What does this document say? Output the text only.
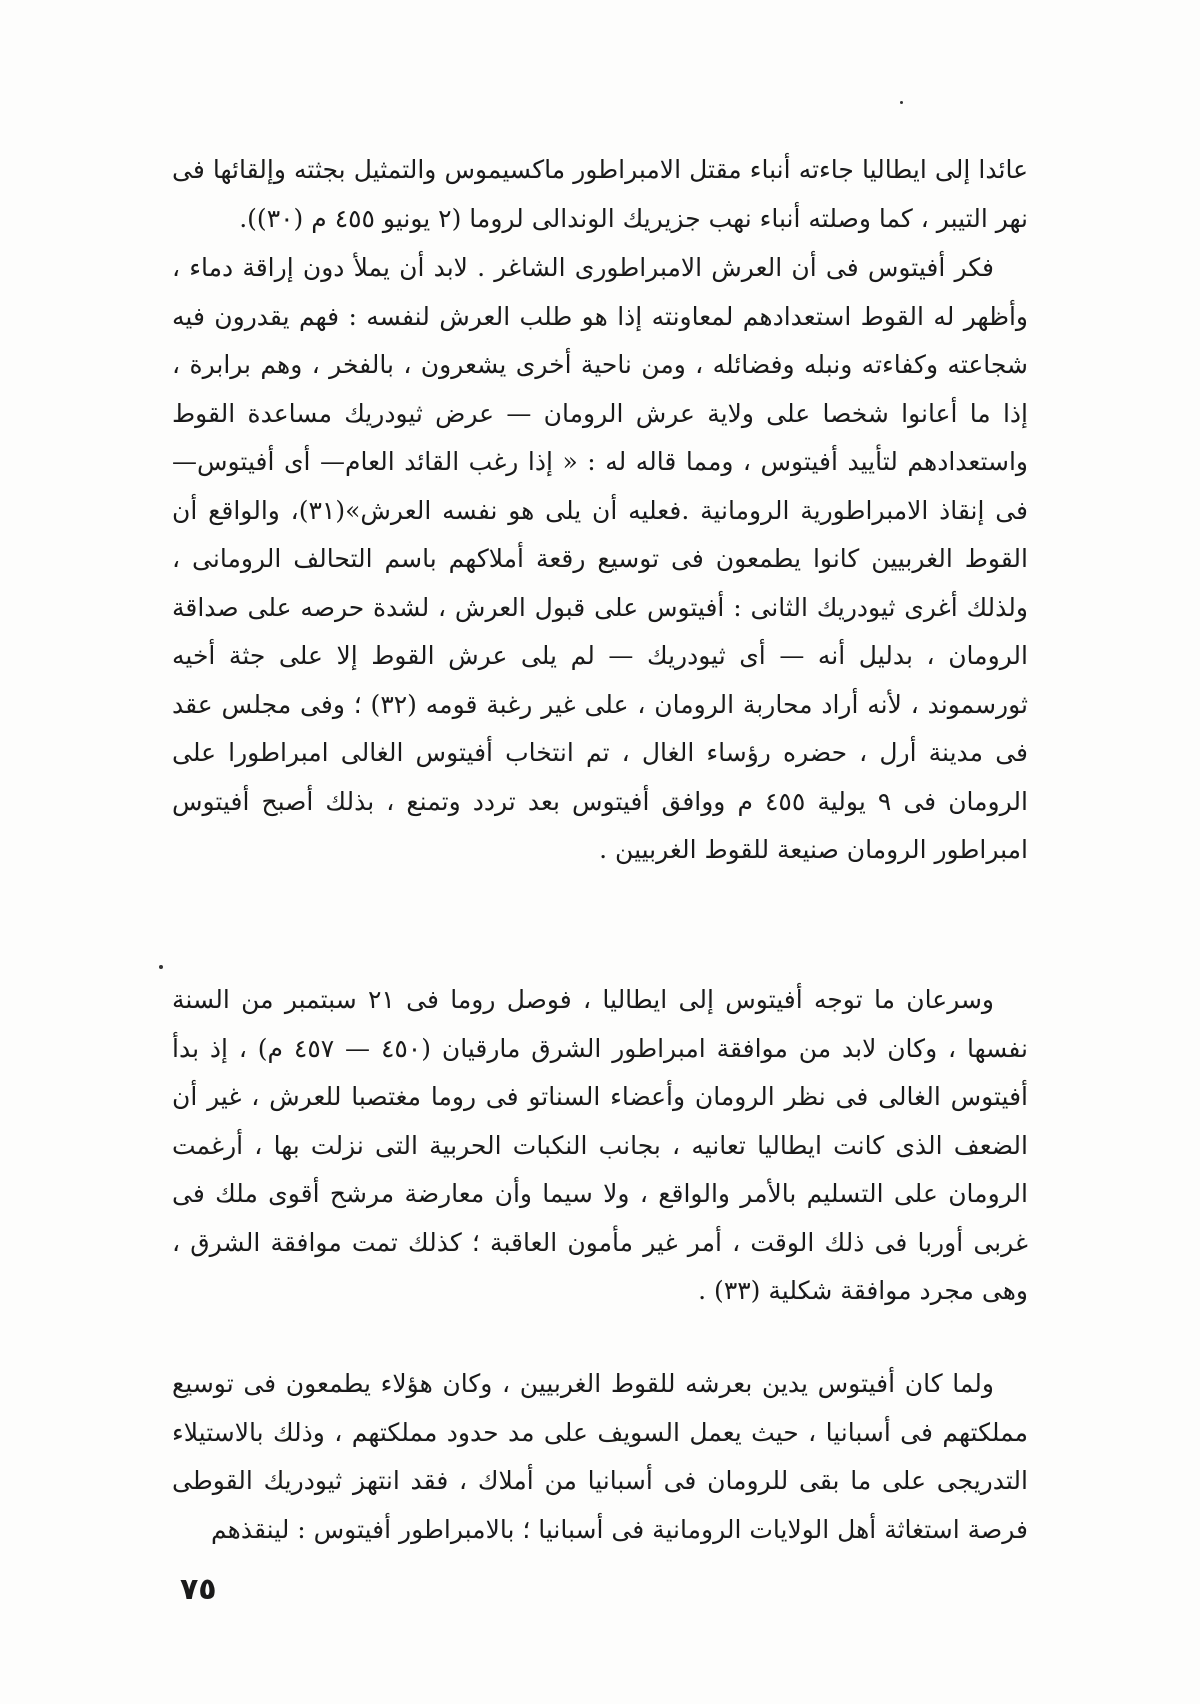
عائدا إلى ايطاليا جاءته أنباء مقتل الامبراطور ماكسيموس والتمثيل بجثته وإلقائها فى نهر التيبر ، كما وصلته أنباء نهب جزيريك الوندالى لروما (٢ يونيو ٤٥٥ م (٣٠)).

فكر أفيتوس فى أن العرش الامبراطورى الشاغر . لابد أن يملأ دون إراقة دماء ، وأظهر له القوط استعدادهم لمعاونته إذا هو طلب العرش لنفسه : فهم يقدرون فيه شجاعته وكفاءته ونبله وفضائله ، ومن ناحية أخرى يشعرون ، بالفخر ، وهم برابرة ، إذا ما أعانوا شخصا على ولاية عرش الرومان — عرض ثيودريك مساعدة القوط واستعدادهم لتأييد أفيتوس ، ومما قاله له : « إذا رغب القائد العام— أى أفيتوس— فى إنقاذ الامبراطورية الرومانية .فعليه أن يلى هو نفسه العرش»(٣١)، والواقع أن القوط الغربيين كانوا يطمعون فى توسيع رقعة أملاكهم باسم التحالف الرومانى ، ولذلك أغرى ثيودريك الثانى : أفيتوس على قبول العرش ، لشدة حرصه على صداقة الرومان ، بدليل أنه — أى ثيودريك — لم يلى عرش القوط إلا على جثة أخيه ثورسموند ، لأنه أراد محاربة الرومان ، على غير رغبة قومه (٣٢) ؛ وفى مجلس عقد فى مدينة أرل ، حضره رؤساء الغال ، تم انتخاب أفيتوس الغالى امبراطورا على الرومان فى ٩ يولية ٤٥٥ م ووافق أفيتوس بعد تردد وتمنع ، بذلك أصبح أفيتوس امبراطور الرومان صنيعة للقوط الغربيين .

وسرعان ما توجه أفيتوس إلى ايطاليا ، فوصل روما فى ٢١ سبتمبر من السنة نفسها ، وكان لابد من موافقة امبراطور الشرق مارقيان (٤٥٠ — ٤٥٧ م) ، إذ بدأ أفيتوس الغالى فى نظر الرومان وأعضاء السناتو فى روما مغتصبا للعرش ، غير أن الضعف الذى كانت ايطاليا تعانيه ، بجانب النكبات الحربية التى نزلت بها ، أرغمت الرومان على التسليم بالأمر والواقع ، ولا سيما وأن معارضة مرشح أقوى ملك فى غربى أوربا فى ذلك الوقت ، أمر غير مأمون العاقبة ؛ كذلك تمت موافقة الشرق ، وهى مجرد موافقة شكلية (٣٣) .

ولما كان أفيتوس يدين بعرشه للقوط الغربيين ، وكان هؤلاء يطمعون فى توسيع مملكتهم فى أسبانيا ، حيث يعمل السويف على مد حدود مملكتهم ، وذلك بالاستيلاء التدريجى على ما بقى للرومان فى أسبانيا من أملاك ، فقد انتهز ثيودريك القوطى فرصة استغاثة أهل الولايات الرومانية فى أسبانيا ؛ بالامبراطور أفيتوس : لينقذهم

٧٥
